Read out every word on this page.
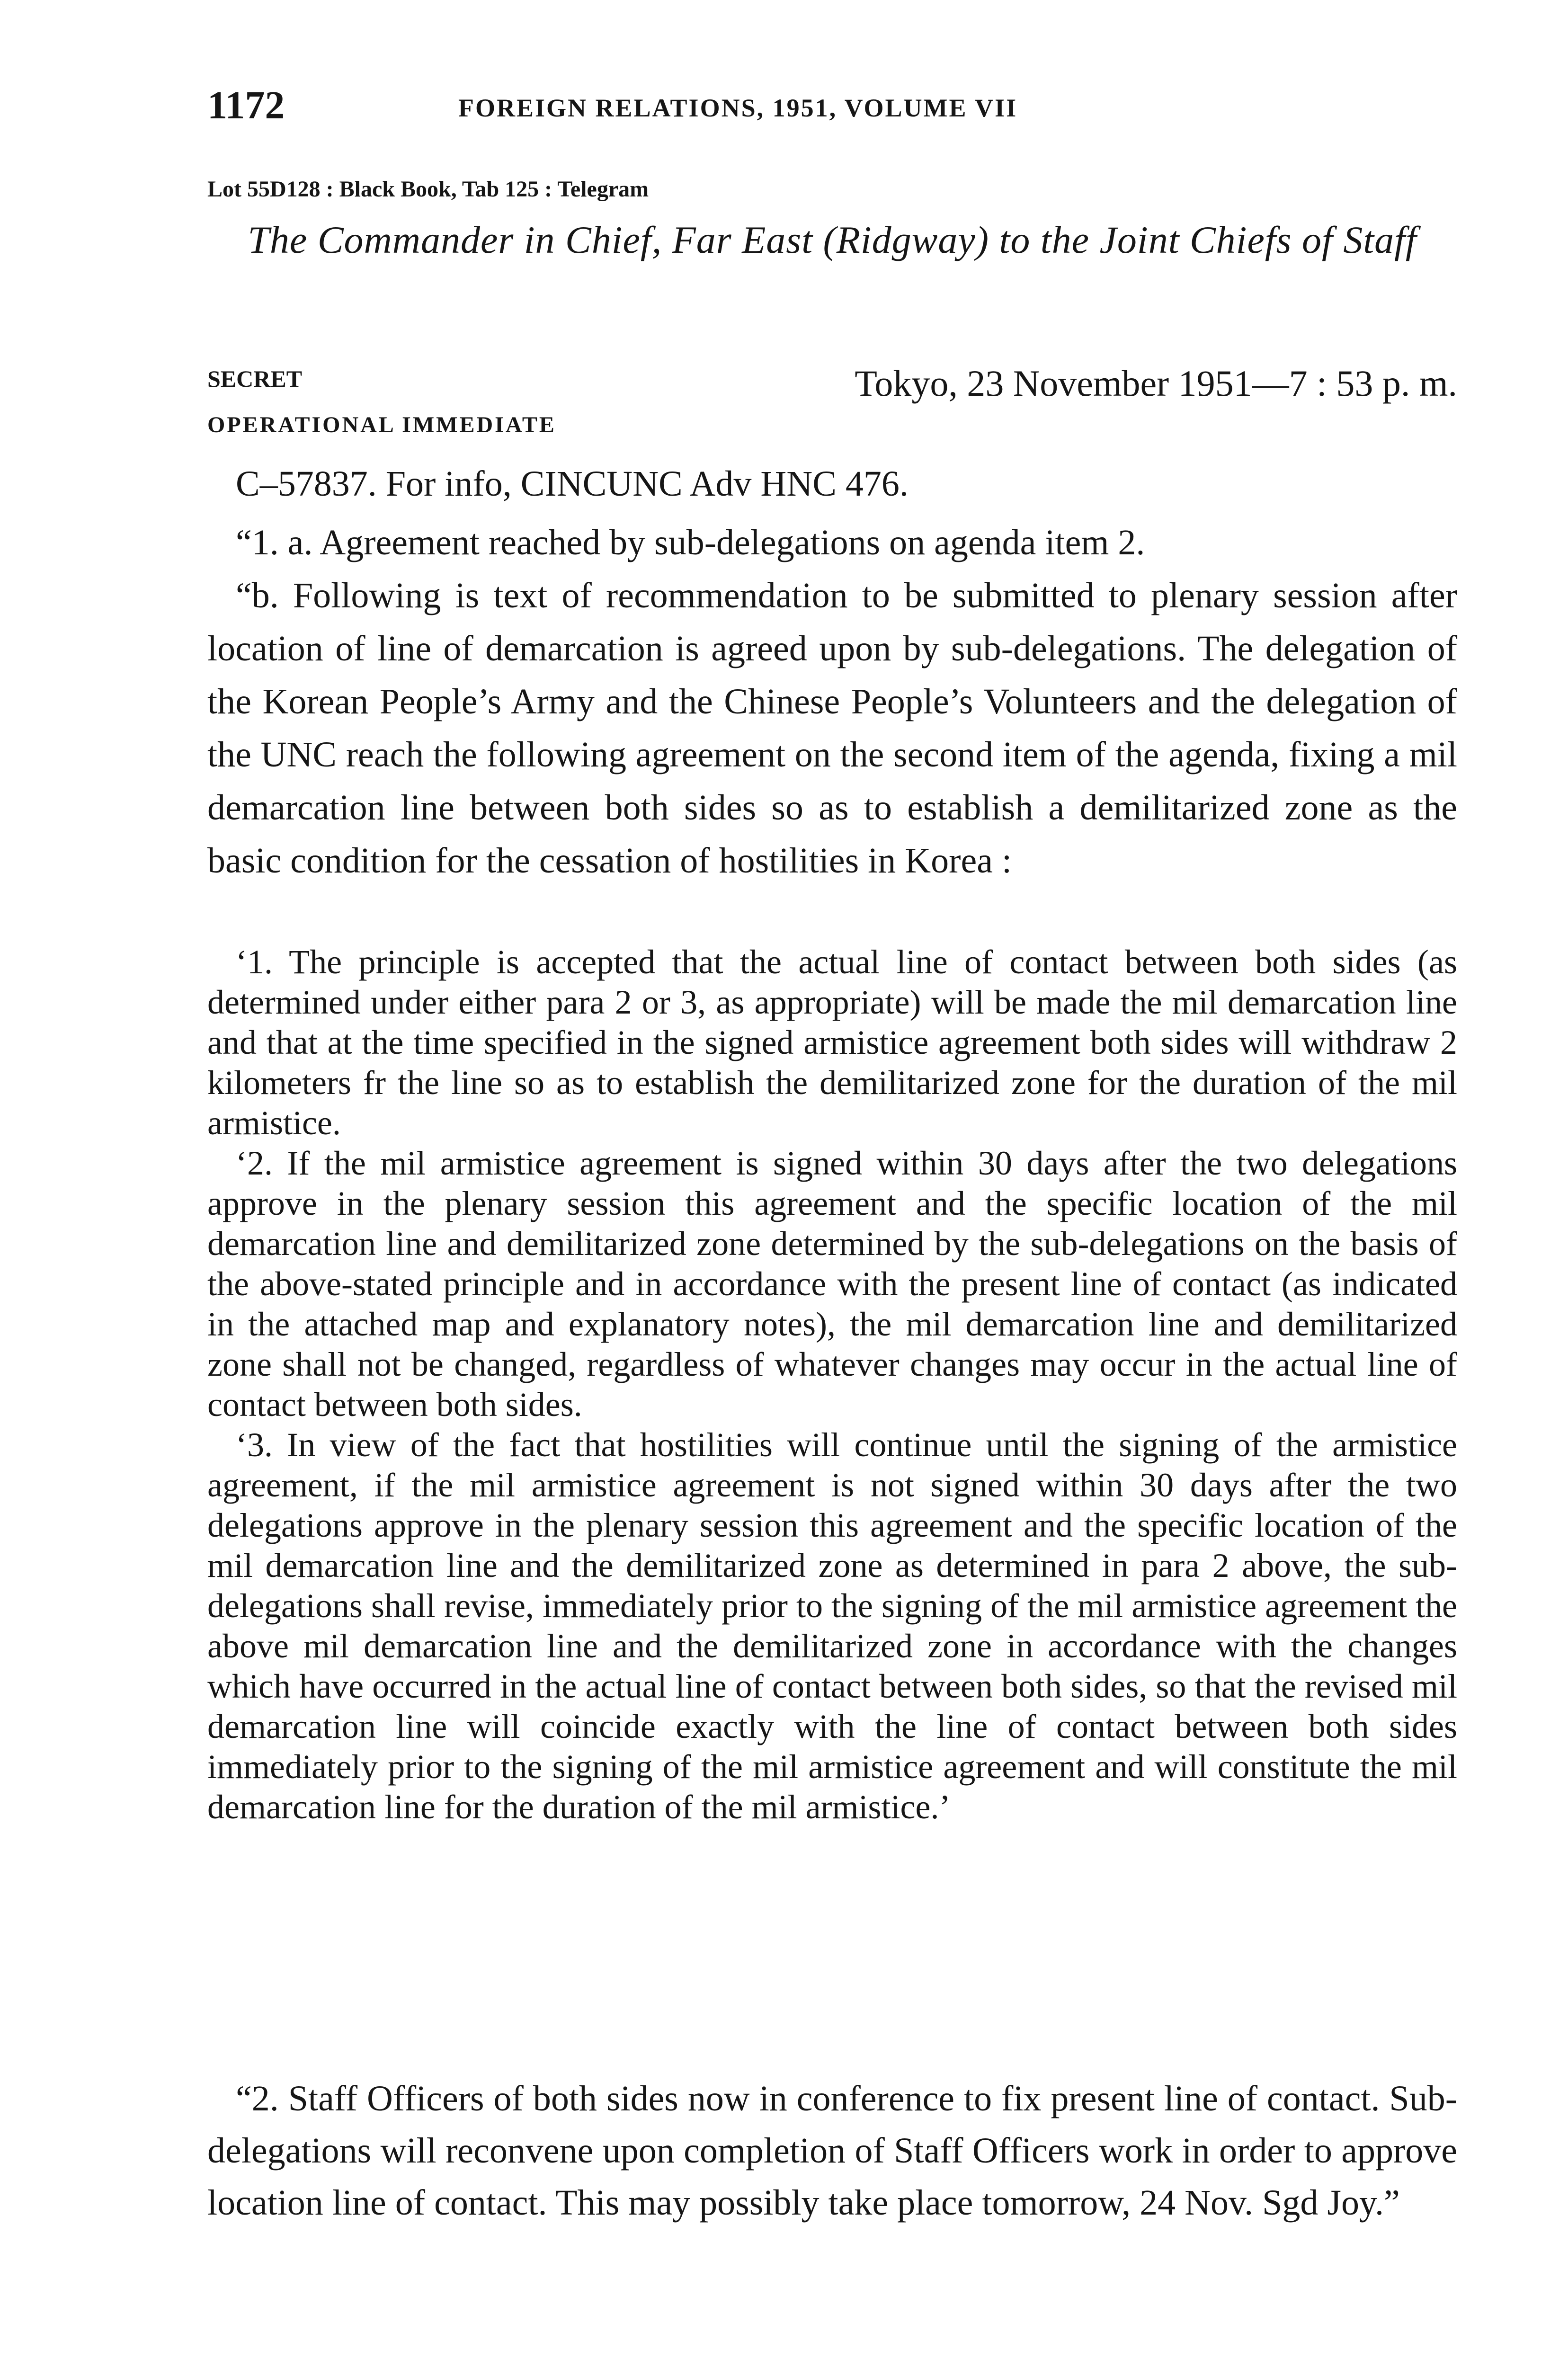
1172	FOREIGN RELATIONS, 1951, VOLUME VII
Lot 55D128 : Black Book, Tab 125 : Telegram
The Commander in Chief, Far East (Ridgway) to the Joint Chiefs of Staff
SECRET
OPERATIONAL IMMEDIATE
Tokyo, 23 November 1951—7 : 53 p. m.
C–57837. For info, CINCUNC Adv HNC 476.

“1. a. Agreement reached by sub-delegations on agenda item 2.

“b. Following is text of recommendation to be submitted to plenary session after location of line of demarcation is agreed upon by sub-delegations. The delegation of the Korean People’s Army and the Chinese People’s Volunteers and the delegation of the UNC reach the following agreement on the second item of the agenda, fixing a mil demarcation line between both sides so as to establish a demilitarized zone as the basic condition for the cessation of hostilities in Korea :

‘1. The principle is accepted that the actual line of contact between both sides (as determined under either para 2 or 3, as appropriate) will be made the mil demarcation line and that at the time specified in the signed armistice agreement both sides will withdraw 2 kilometers fr the line so as to establish the demilitarized zone for the duration of the mil armistice.

‘2. If the mil armistice agreement is signed within 30 days after the two delegations approve in the plenary session this agreement and the specific location of the mil demarcation line and demilitarized zone determined by the sub-delegations on the basis of the above-stated principle and in accordance with the present line of contact (as indicated in the attached map and explanatory notes), the mil demarcation line and demilitarized zone shall not be changed, regardless of whatever changes may occur in the actual line of contact between both sides.

‘3. In view of the fact that hostilities will continue until the signing of the armistice agreement, if the mil armistice agreement is not signed within 30 days after the two delegations approve in the plenary session this agreement and the specific location of the mil demarcation line and the demilitarized zone as determined in para 2 above, the sub-delegations shall revise, immediately prior to the signing of the mil armistice agreement the above mil demarcation line and the demilitarized zone in accordance with the changes which have occurred in the actual line of contact between both sides, so that the revised mil demarcation line will coincide exactly with the line of contact between both sides immediately prior to the signing of the mil armistice agreement and will constitute the mil demarcation line for the duration of the mil armistice.’

“2. Staff Officers of both sides now in conference to fix present line of contact. Sub-delegations will reconvene upon completion of Staff Officers work in order to approve location line of contact. This may possibly take place tomorrow, 24 Nov. Sgd Joy.”
